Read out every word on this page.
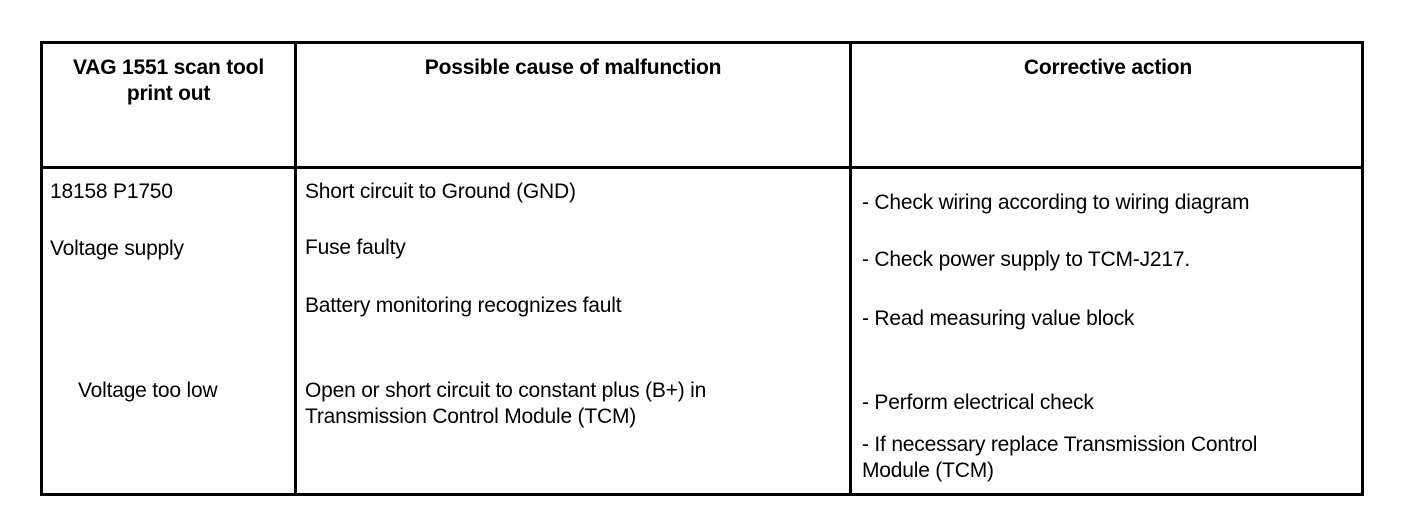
VAG 1551 scan tool
print out
Possible cause of malfunction	Corrective action
18158 P1750
Voltage supply
Voltage too low
Short circuit to Ground (GND)
Fuse faulty
Battery monitoring recognizes fault
Open or short circuit to constant plus (B+) in
Transmission Control Module (TCM)
- Check wiring according to wiring diagram
- Check power supply to TCM-J217.
- Read measuring value block
- Perform electrical check
- If necessary replace Transmission Control
Module (TCM)
